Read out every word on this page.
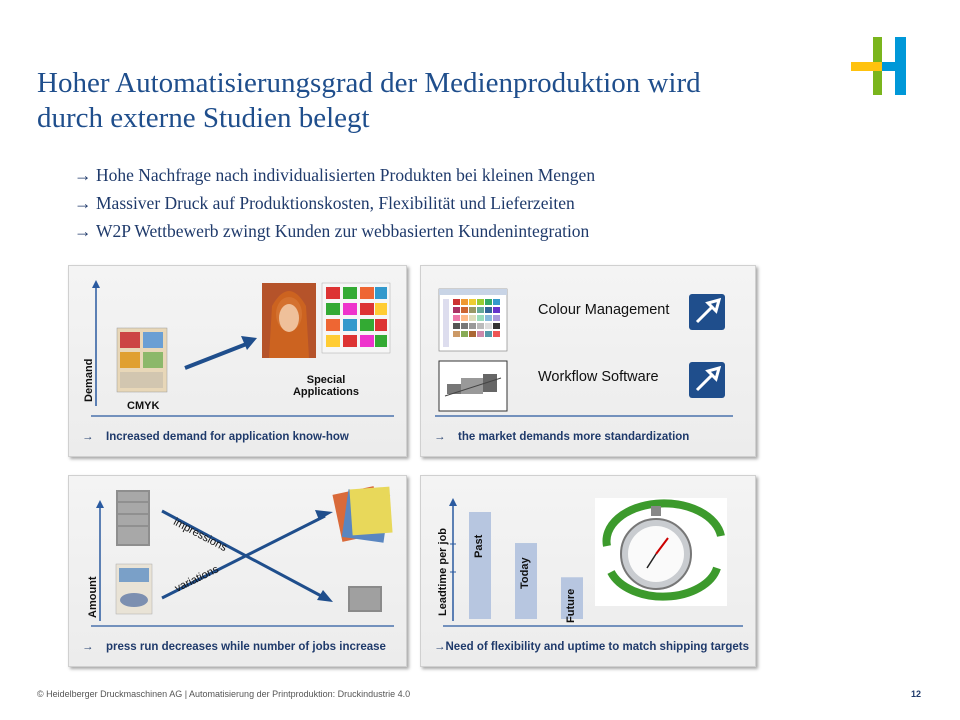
Hoher Automatisierungsgrad der Medienproduktion wird
durch externe Studien belegt
→ Hohe Nachfrage nach individualisierten Produkten bei kleinen Mengen
→ Massiver Druck auf Produktionskosten, Flexibilität und Lieferzeiten
→ W2P Wettbewerb zwingt Kunden zur webbasierten Kundenintegration
Demand
CMYK
Special
Applications
→	Increased demand for application know-how
Colour Management
Workflow Software
→	the market demands more standardization
Amount
impressions
variations
→	press run decreases while number of jobs increase
Leadtime per job Past
Today
Future
→ Need of flexibility and uptime to match shipping targets
© Heidelberger Druckmaschinen AG | Automatisierung der Printproduktion: Druckindustrie 4.0	12
